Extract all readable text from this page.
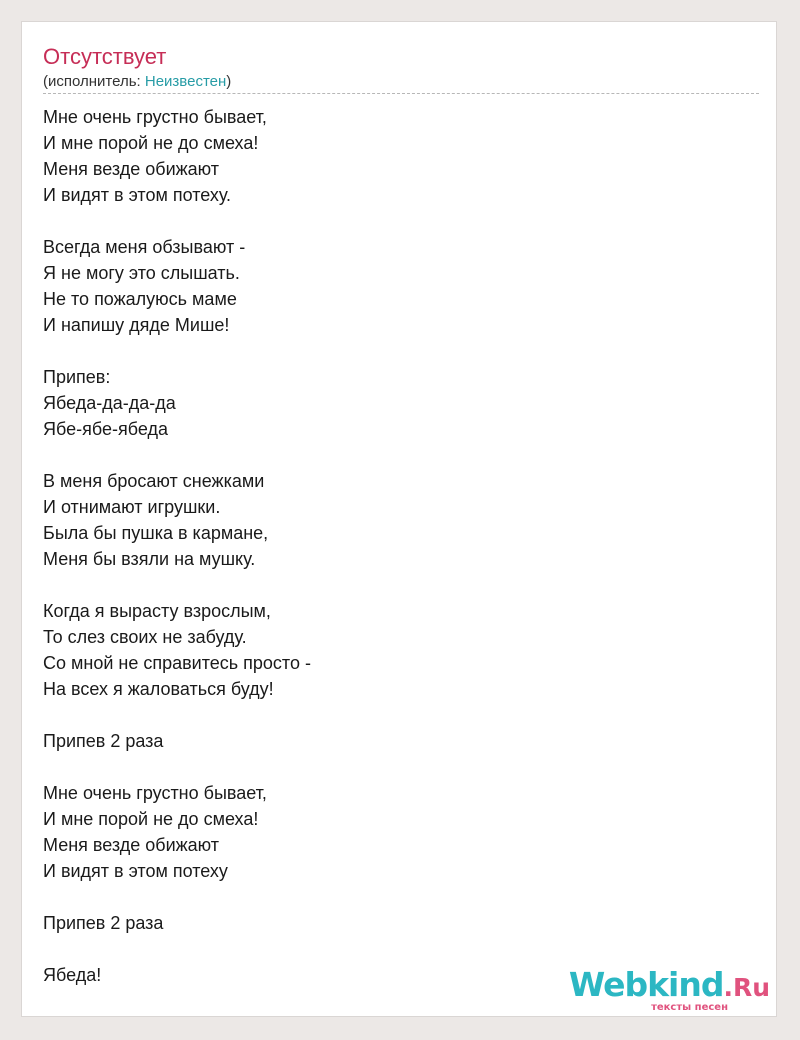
Отсутствует
(исполнитель: Неизвестен)
Мне очень грустно бывает,
И мне порой не до смеха!
Меня везде обижают
И видят в этом потеху.
Всегда меня обзывают -
Я не могу это слышать.
Не то пожалуюсь маме
И напишу дяде Мише!
Припев:
Ябеда-да-да-да
Ябе-ябе-ябеда
В меня бросают снежками
И отнимают игрушки.
Была бы пушка в кармане,
Меня бы взяли на мушку.
Когда я вырасту взрослым,
То слез своих не забуду.
Со мной не справитесь просто -
На всех я жаловаться буду!
Припев 2 раза
Мне очень грустно бывает,
И мне порой не до смеха!
Меня везде обижают
И видят в этом потеху
Припев 2 раза
Ябеда!	Webkind.Ru
тексты песен
